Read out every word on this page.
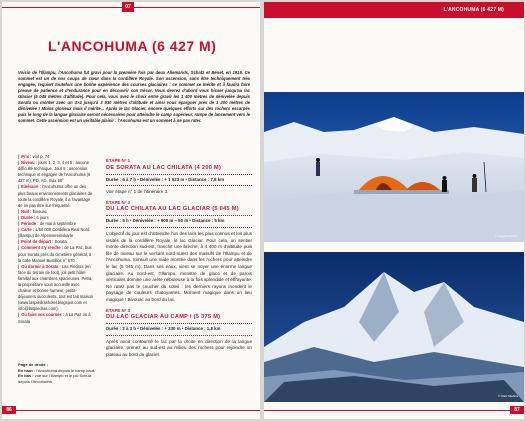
07
L'ANCOHUMA (6 427 M)
Voisin de l'Illampu, l'Ancohuma fut gravi pour la première fois par deux Allemands, Schatz et Bénet, en 1919. Ce sommet est un de nos coups de cœur dans la cordillère Royale. Son ascension, sans être techniquement très engagée, requiert toutefois une bonne expérience des courses glaciaires : ce sommet se mérite et il faudra faire preuve de patience et d'endurance pour en découvrir son trésor. Vous devrez d'abord vous hisser jusqu'au lac Glacier (5 045 mètres d'altitude). Pour cela, vous avez le choix entre gravir les 1 400 mètres de dénivelée depuis Sorata ou monter avec un 4×4 jusqu'à 3 930 mètres d'altitude et ainsi vous épargner près de 1 200 mètres de dénivelée ! Moins glorieux mais il mérite... Après le lac Glacier, encore quelques efforts sur des rochers escarpés puis le long de la langue glaciaire seront nécessaires pour atteindre le camp supérieur, rampe de lancement vers le sommet. Cette ascension est un véritable plaisir : l'Ancohuma est un sommet à ne pas rater.
| Prix : voir p. 74
| Niveau : jours 1, 2, 3, 4 et 6 : aucune difficulté technique. Jour 5 : ascension technique et engagée de l'Ancohuma (6 427 m), PD, AD, max 50°
| Itinéraire : l'Ancohuma offre un des plus beaux environnements glaciaires de toute la cordillère Royale, il a l'avantage de ne pas être sur-fréquenté.
| Nuit : bivouac
| Durée : 6 jours
| Période : de mai à septembre
| Carte : 1/50 000 Cordillera Real Nord (Illampu) de Alpenvereinskarte
| Point de départ : Sorata
| Comment s'y rendre : de La Paz, bus pour Sorata près du cimetière général, à la calle Manuel Bustillos n° 670
| Où dormir à Sorata : Las Piedras (en face du terrain de foot), joli petit hôtel familial aux chambres spacieuses. Petra, la propriétaire vous accueille avec chaleur et bonne humeur, petits-déjeuners succulents, tout est fait maison (www.laspiedrashotel.blogspot.com et info@laspiedras.com).
| Où faire vos courses : à La Paz ou à Sorata
Page de droite :
En haut : l'Ancohuma depuis le camp haut.
En bas : vue sur l'Illampu et le pic Schulz depuis l'Ancohuma.
ÉTAPE N° 1
DE SORATA AU LAC CHILATA (4 200 M)
Durée : 6 à 7 h • Dénivelée : + 1 523 m • Distance : 7,8 km
Voir étape n° 1 de l'itinéraire 3.
ÉTAPE N° 2
DU LAC CHILATA AU LAC GLACIAR (5 045 M)
Durée : 5 h • Dénivelée : + 900 m – 50 m • Distance : 5 km
L'objectif du jour est d'atteindre l'un des lacs les plus connus et les plus visités de la cordillère Royale, le lac Glaciar. Pour cela, un sentier monte direction sud-est, franchit une brèche, à 4 400 m d'altitude puis file de niveau sur le versant nord-ouest des massifs de l'Illampu et de l'Ancohuma. Simsuit une raide montée dans les rochers pour atteindre le lac (5 045 m). Dans ses eaux, vient se noyer une énorme langue glaciaire. Au nord-est, l'Illampu, monstre de glace et de parois verticales domine une arête nébuleuse à la fois splendide et effrayante. Ne ratez pas le coucher du soleil : les derniers rayons inondent le paysage de couleurs chatoyantes. Moment magique dans un lieu magique ! Bivouac au bord du lac.
ÉTAPE N° 3
DU LAC GLACIAR AU CAMP I (5 375 M)
Durée : 2 à 3 h • Dénivelée : + 330 m • Distance : 1,8 km
Après avoir contourné le lac par la droite en direction de la langue glaciaire, prenez au sud-est au milieu des rochers pour rejoindre un plateau au bord du glacier.
86
L'ANCOHUMA (6 427 M)
© Sergio Condori
© Iñaki Medina
87
